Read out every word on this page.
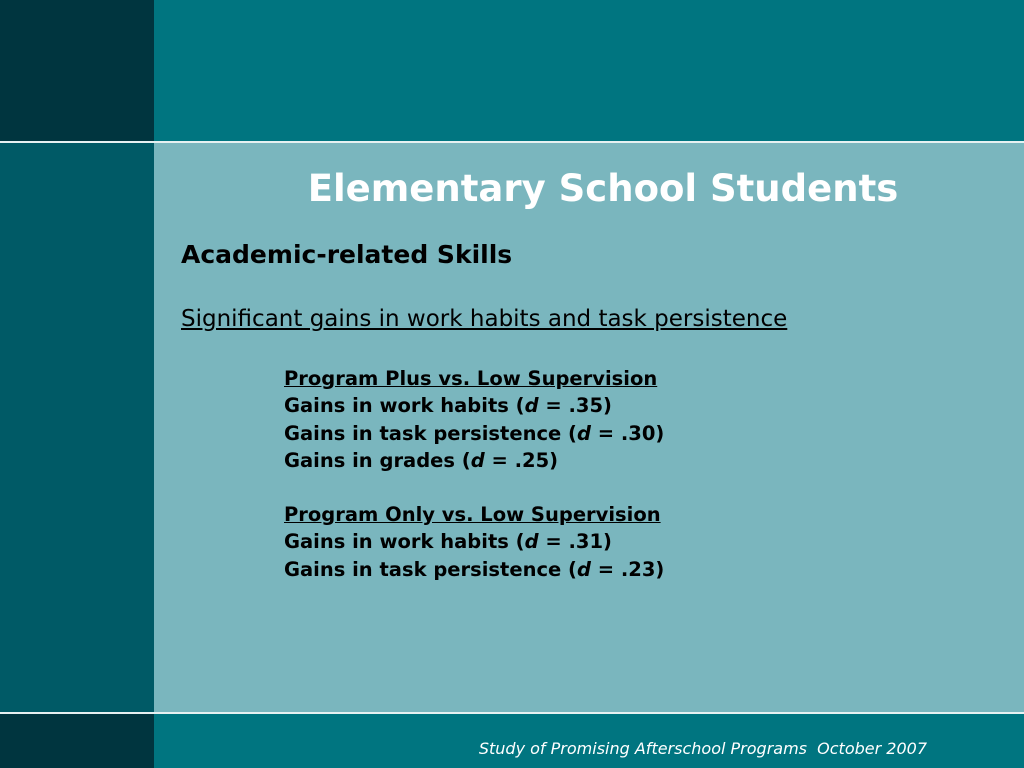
Elementary School Students
Academic-related Skills
Significant gains in work habits and task persistence
Program Plus vs. Low Supervision
Gains in work habits (d = .35)
Gains in task persistence (d = .30)
Gains in grades (d = .25)
Program Only vs. Low Supervision
Gains in work habits (d = .31)
Gains in task persistence (d = .23)
Study of Promising Afterschool Programs  October 2007
